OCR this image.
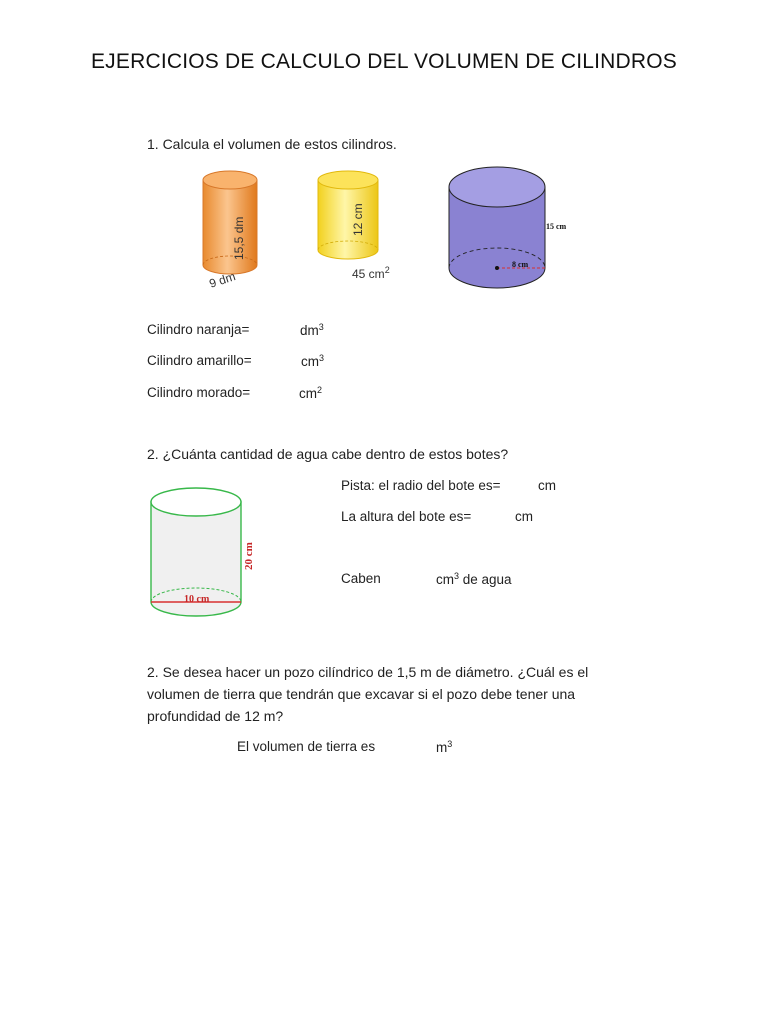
EJERCICIOS DE CALCULO DEL VOLUMEN DE CILINDROS
1. Calcula el volumen de estos cilindros.
15,5 dm
9 dm
12 cm
45 $cm^2$
15 cm
8 cm
Cilindro naranja=	$dm^3$
Cilindro amarillo=	$cm^3$
Cilindro morado=	$cm^2$
2. ¿Cuánta cantidad de agua cabe dentro de estos botes?
20 cm
10 cm
Pista: el radio del bote es=	cm
La altura del bote es=	cm
Caben	$cm^3$ de agua
2. Se desea hacer un pozo cilíndrico de 1,5 m de diámetro. ¿Cuál es el
volumen de tierra que tendrán que excavar si el pozo debe tener una
profundidad de 12 m?
El volumen de tierra es	$m^3$
